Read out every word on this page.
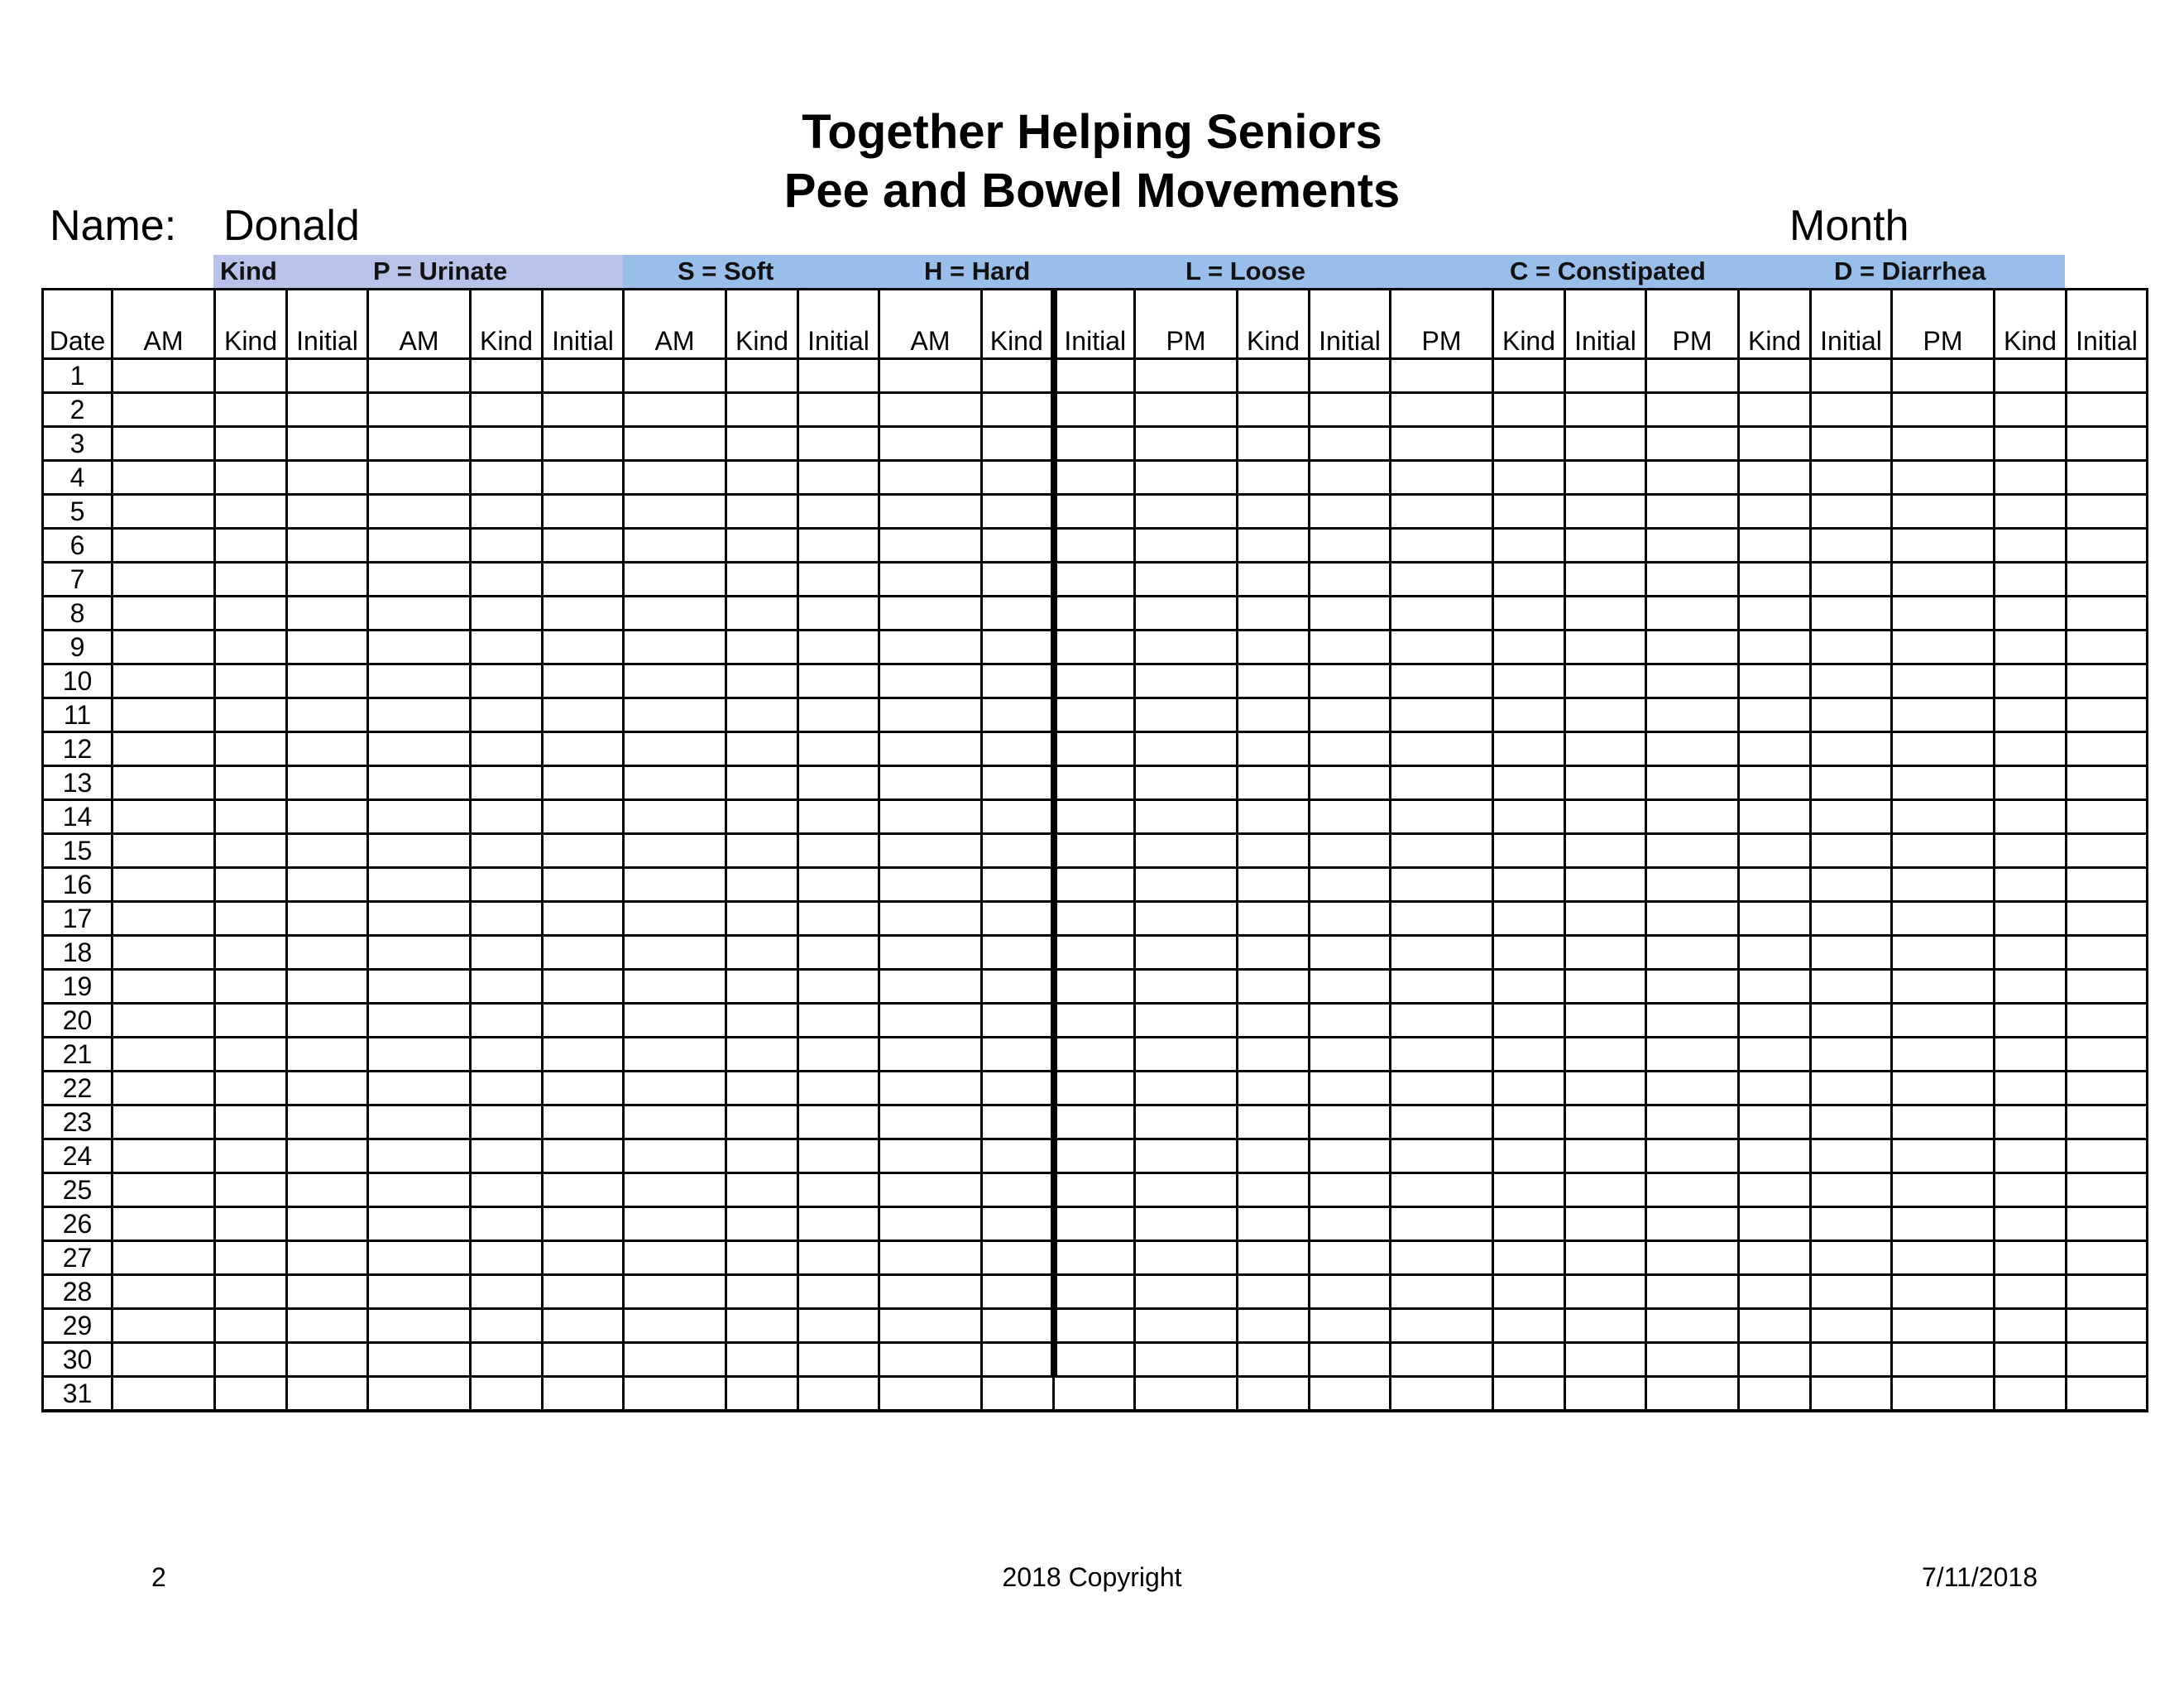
Together Helping Seniors
Pee and Bowel Movements
Name: Donald	Month
Kind	P = Urinate	S = Soft	H = Hard	L = Loose	C = Constipated	D = Diarrhea
Date	AM	Kind	Initial	AM	Kind	Initial	AM	Kind	Initial	AM	Kind	Initial	PM	Kind	Initial	PM	Kind	Initial	PM	Kind	Initial	PM	Kind	Initial
1																								
2																								
3																								
4																								
5																								
6																								
7																								
8																								
9																								
10																								
11																								
12																								
13																								
14																								
15																								
16																								
17																								
18																								
19																								
20																								
21																								
22																								
23																								
24																								
25																								
26																								
27																								
28																								
29																								
30																								
31																								
2	2018 Copyright	7/11/2018
